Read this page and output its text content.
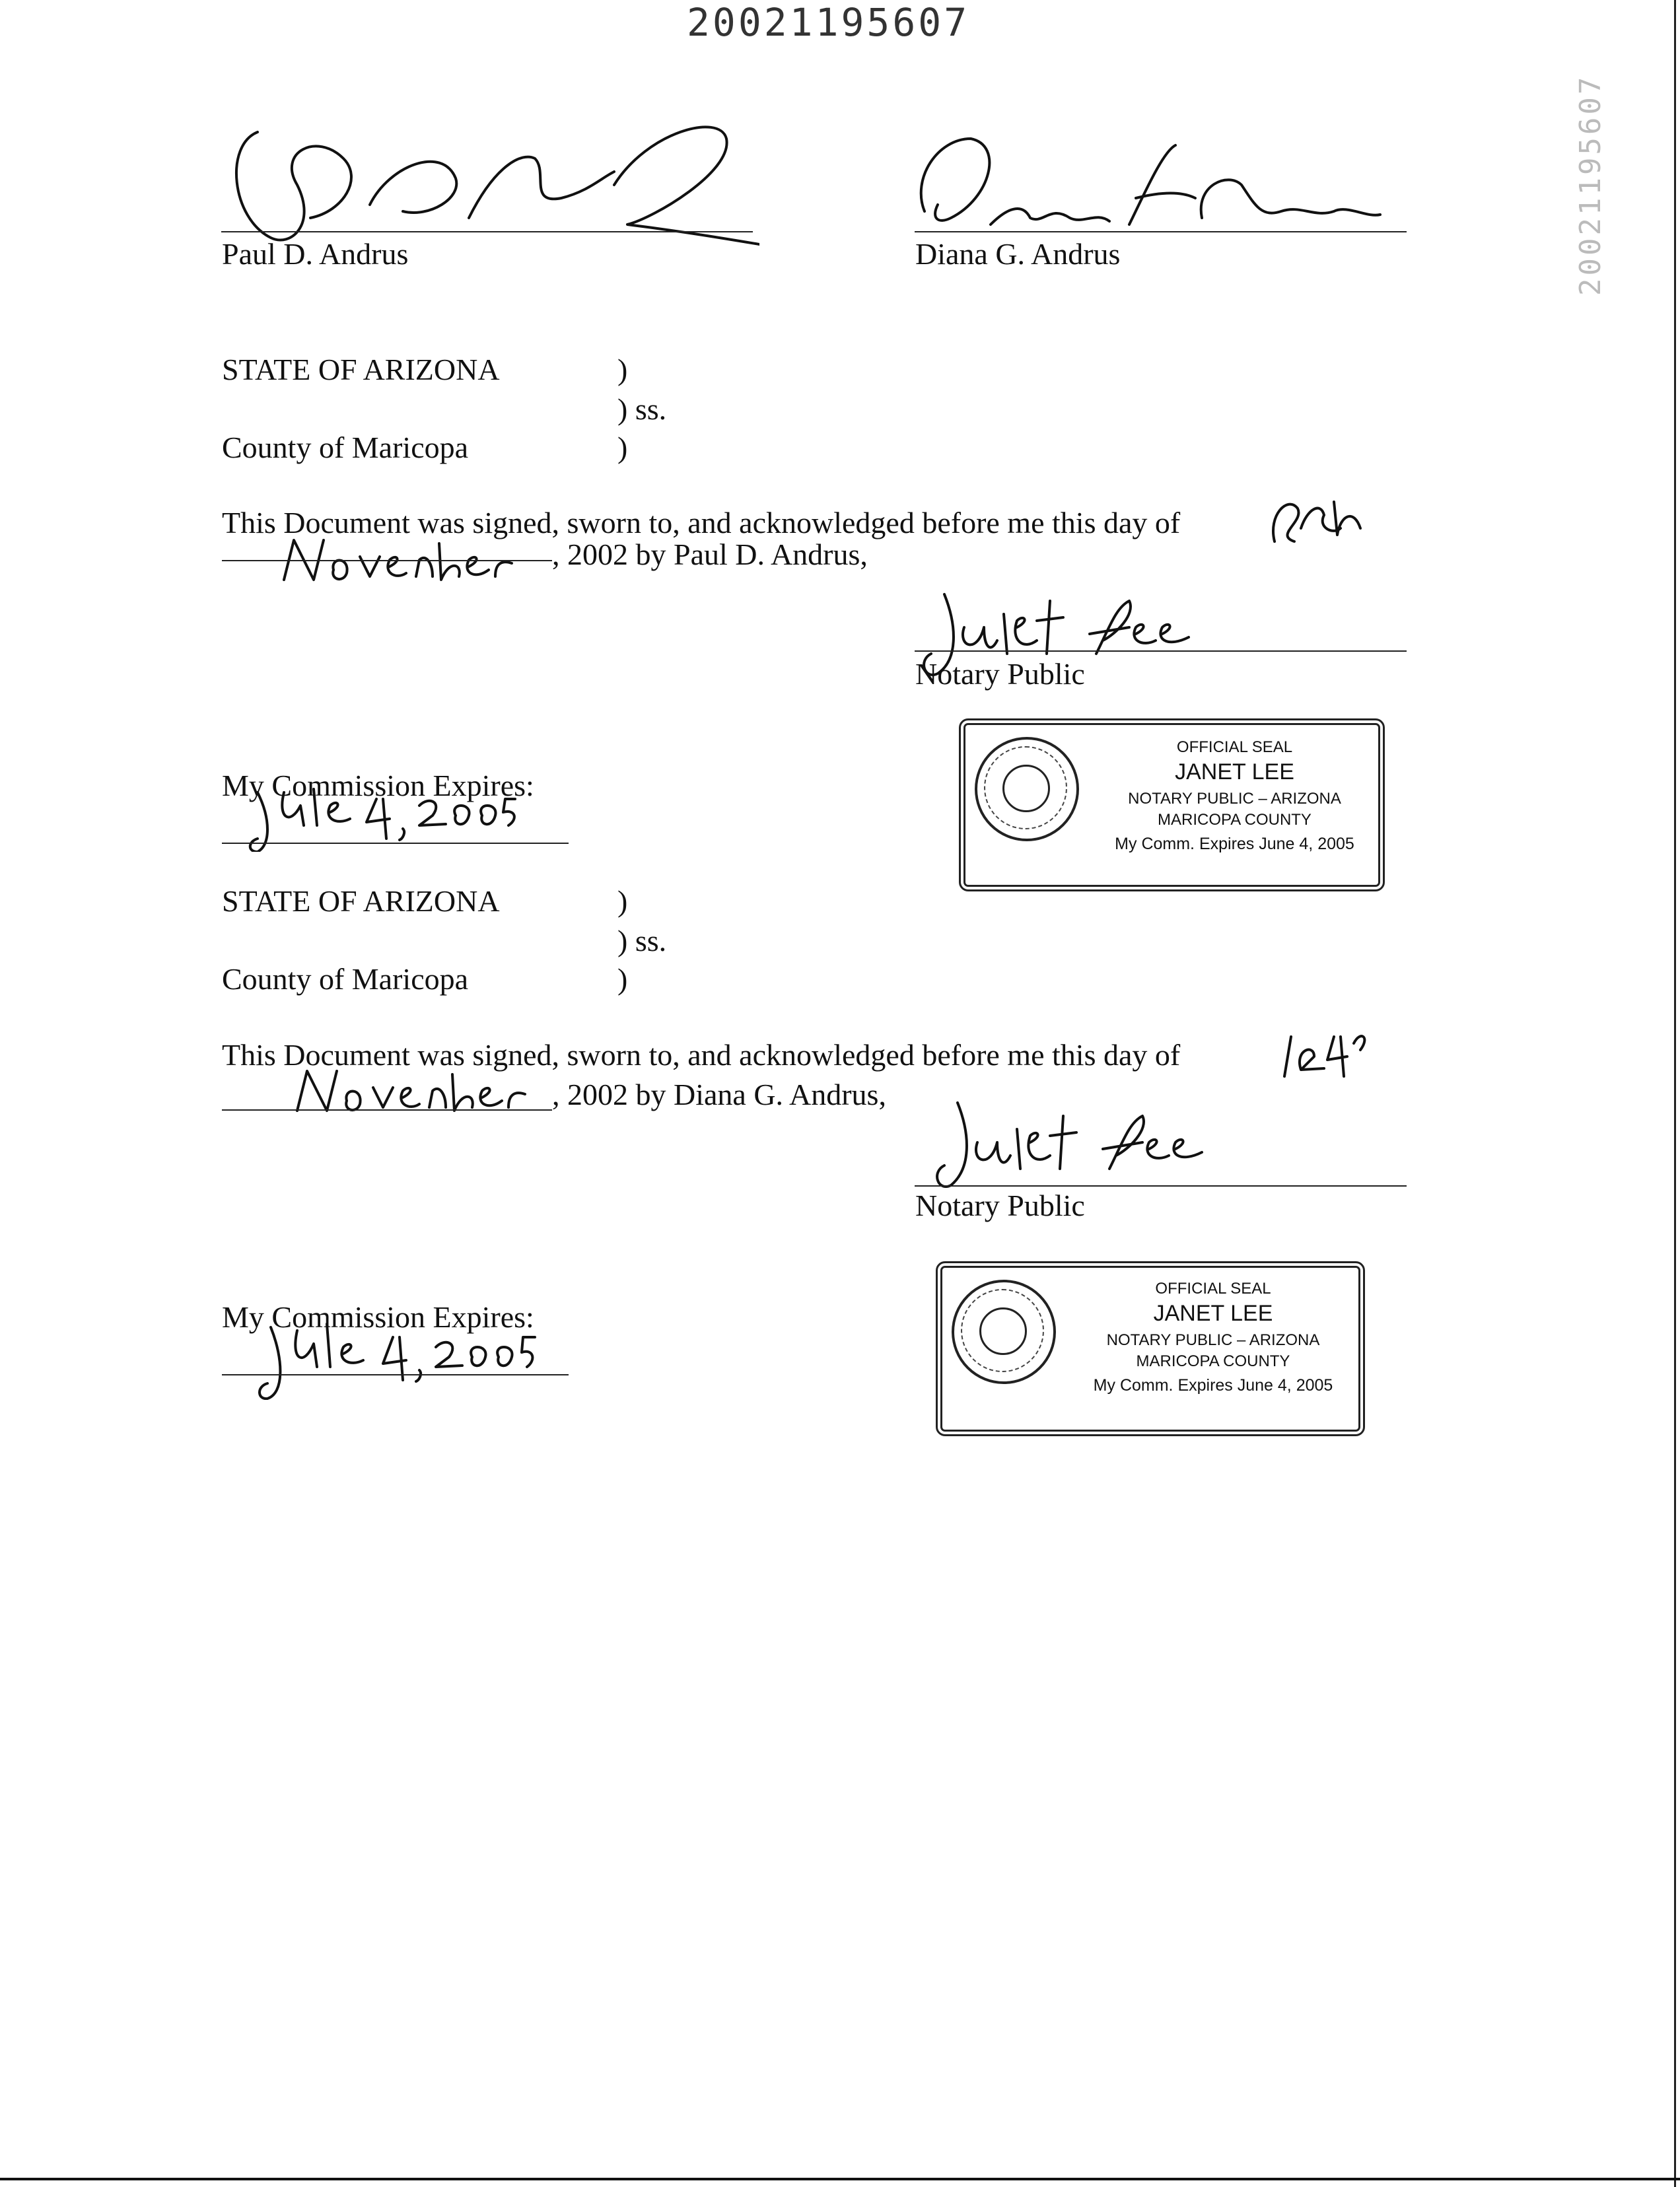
20021195607
20021195607
Paul D. Andrus	Diana G. Andrus
STATE OF ARIZONA	)
) ss.
County of Maricopa	)
This Document was signed, sworn to, and acknowledged before me this day of
, 2002 by Paul D. Andrus,
Notary Public
My Commission Expires:
OFFICIAL SEAL
JANET LEE
NOTARY PUBLIC – ARIZONA
MARICOPA COUNTY
My Comm. Expires June 4, 2005
STATE OF ARIZONA	)
) ss.
County of Maricopa	)
This Document was signed, sworn to, and acknowledged before me this day of
, 2002 by Diana G. Andrus,
Notary Public
My Commission Expires:
OFFICIAL SEAL
JANET LEE
NOTARY PUBLIC – ARIZONA
MARICOPA COUNTY
My Comm. Expires June 4, 2005
